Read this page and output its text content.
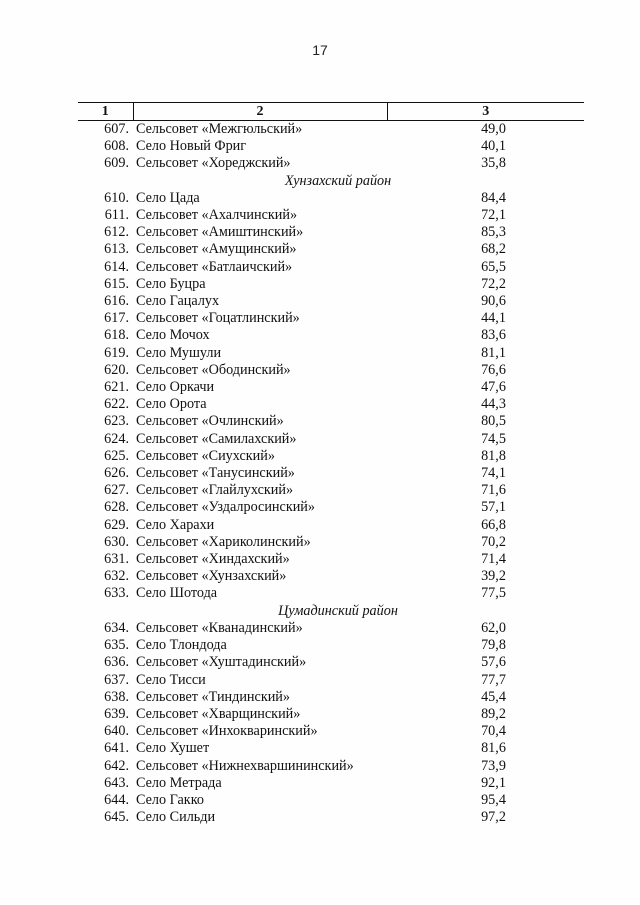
17
1	2	3
607.	Сельсовет «Межгюльский»	49,0
608.	Село Новый Фриг	40,1
609.	Сельсовет «Хореджский»	35,8
Хунзахский район		
610.	Село Цада	84,4
611.	Сельсовет «Ахалчинский»	72,1
612.	Сельсовет «Амиштинский»	85,3
613.	Сельсовет «Амущинский»	68,2
614.	Сельсовет «Батлаичский»	65,5
615.	Село Буцра	72,2
616.	Село Гацалух	90,6
617.	Сельсовет «Гоцатлинский»	44,1
618.	Село Мочох	83,6
619.	Село Мушули	81,1
620.	Сельсовет «Ободинский»	76,6
621.	Село Оркачи	47,6
622.	Село Орота	44,3
623.	Сельсовет «Очлинский»	80,5
624.	Сельсовет «Самилахский»	74,5
625.	Сельсовет «Сиухский»	81,8
626.	Сельсовет «Танусинский»	74,1
627.	Сельсовет «Глайлухский»	71,6
628.	Сельсовет «Уздалросинский»	57,1
629.	Село Харахи	66,8
630.	Сельсовет «Хариколинский»	70,2
631.	Сельсовет «Хиндахский»	71,4
632.	Сельсовет «Хунзахский»	39,2
633.	Село Шотода	77,5
Цумадинский район		
634.	Сельсовет «Кванадинский»	62,0
635.	Село Тлондода	79,8
636.	Сельсовет «Хуштадинский»	57,6
637.	Село Тисси	77,7
638.	Сельсовет «Тиндинский»	45,4
639.	Сельсовет «Хварщинский»	89,2
640.	Сельсовет «Инхокваринский»	70,4
641.	Село Хушет	81,6
642.	Сельсовет «Нижнехваршининский»	73,9
643.	Село Метрада	92,1
644.	Село Гакко	95,4
645.	Село Сильди	97,2
